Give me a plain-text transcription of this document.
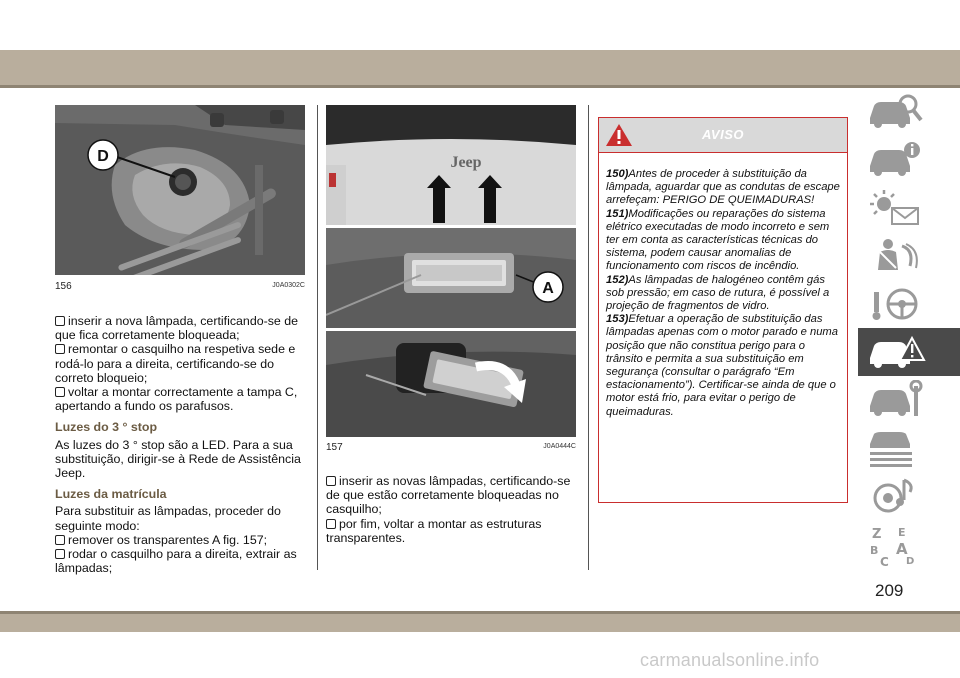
D
156	J0A0302C

inserir a nova lâmpada, certificando-se de que fica corretamente bloqueada;

remontar o casquilho na respetiva sede e rodá-lo para a direita, certificando-se do correto bloqueio;

voltar a montar correctamente a tampa C, apertando a fundo os parafusos.

Luzes do 3 ° stop

As luzes do 3 ° stop são a LED. Para a sua substituição, dirigir-se à Rede de Assistência Jeep.

Luzes da matrícula

Para substituir as lâmpadas, proceder do seguinte modo:

remover os transparentes A fig. 157;

rodar o casquilho para a direita, extrair as lâmpadas;

Jeep
A
157	J0A0444C

inserir as novas lâmpadas, certificando-se de que estão corretamente bloqueadas no casquilho;

por fim, voltar a montar as estruturas transparentes.

AVISO

150)Antes de proceder à substituição da lâmpada, aguardar que as condutas de escape arrefeçam: PERIGO DE QUEIMADURAS!

151)Modificações ou reparações do sistema elétrico executadas de modo incorreto e sem ter em conta as características técnicas do sistema, podem causar anomalias de funcionamento com riscos de incêndio.

152)As lâmpadas de halogéneo contêm gás sob pressão; em caso de rutura, é possível a projeção de fragmentos de vidro.

153)Efetuar a operação de substituição das lâmpadas apenas com o motor parado e numa posição que não constitua perigo para o trânsito e permita a sua substituição em segurança (consultar o parágrafo “Em estacionamento”). Certificar-se ainda de que o motor está frio, para evitar o perigo de queimaduras.

Z E
B A
C D
209
carmanualsonline.info
